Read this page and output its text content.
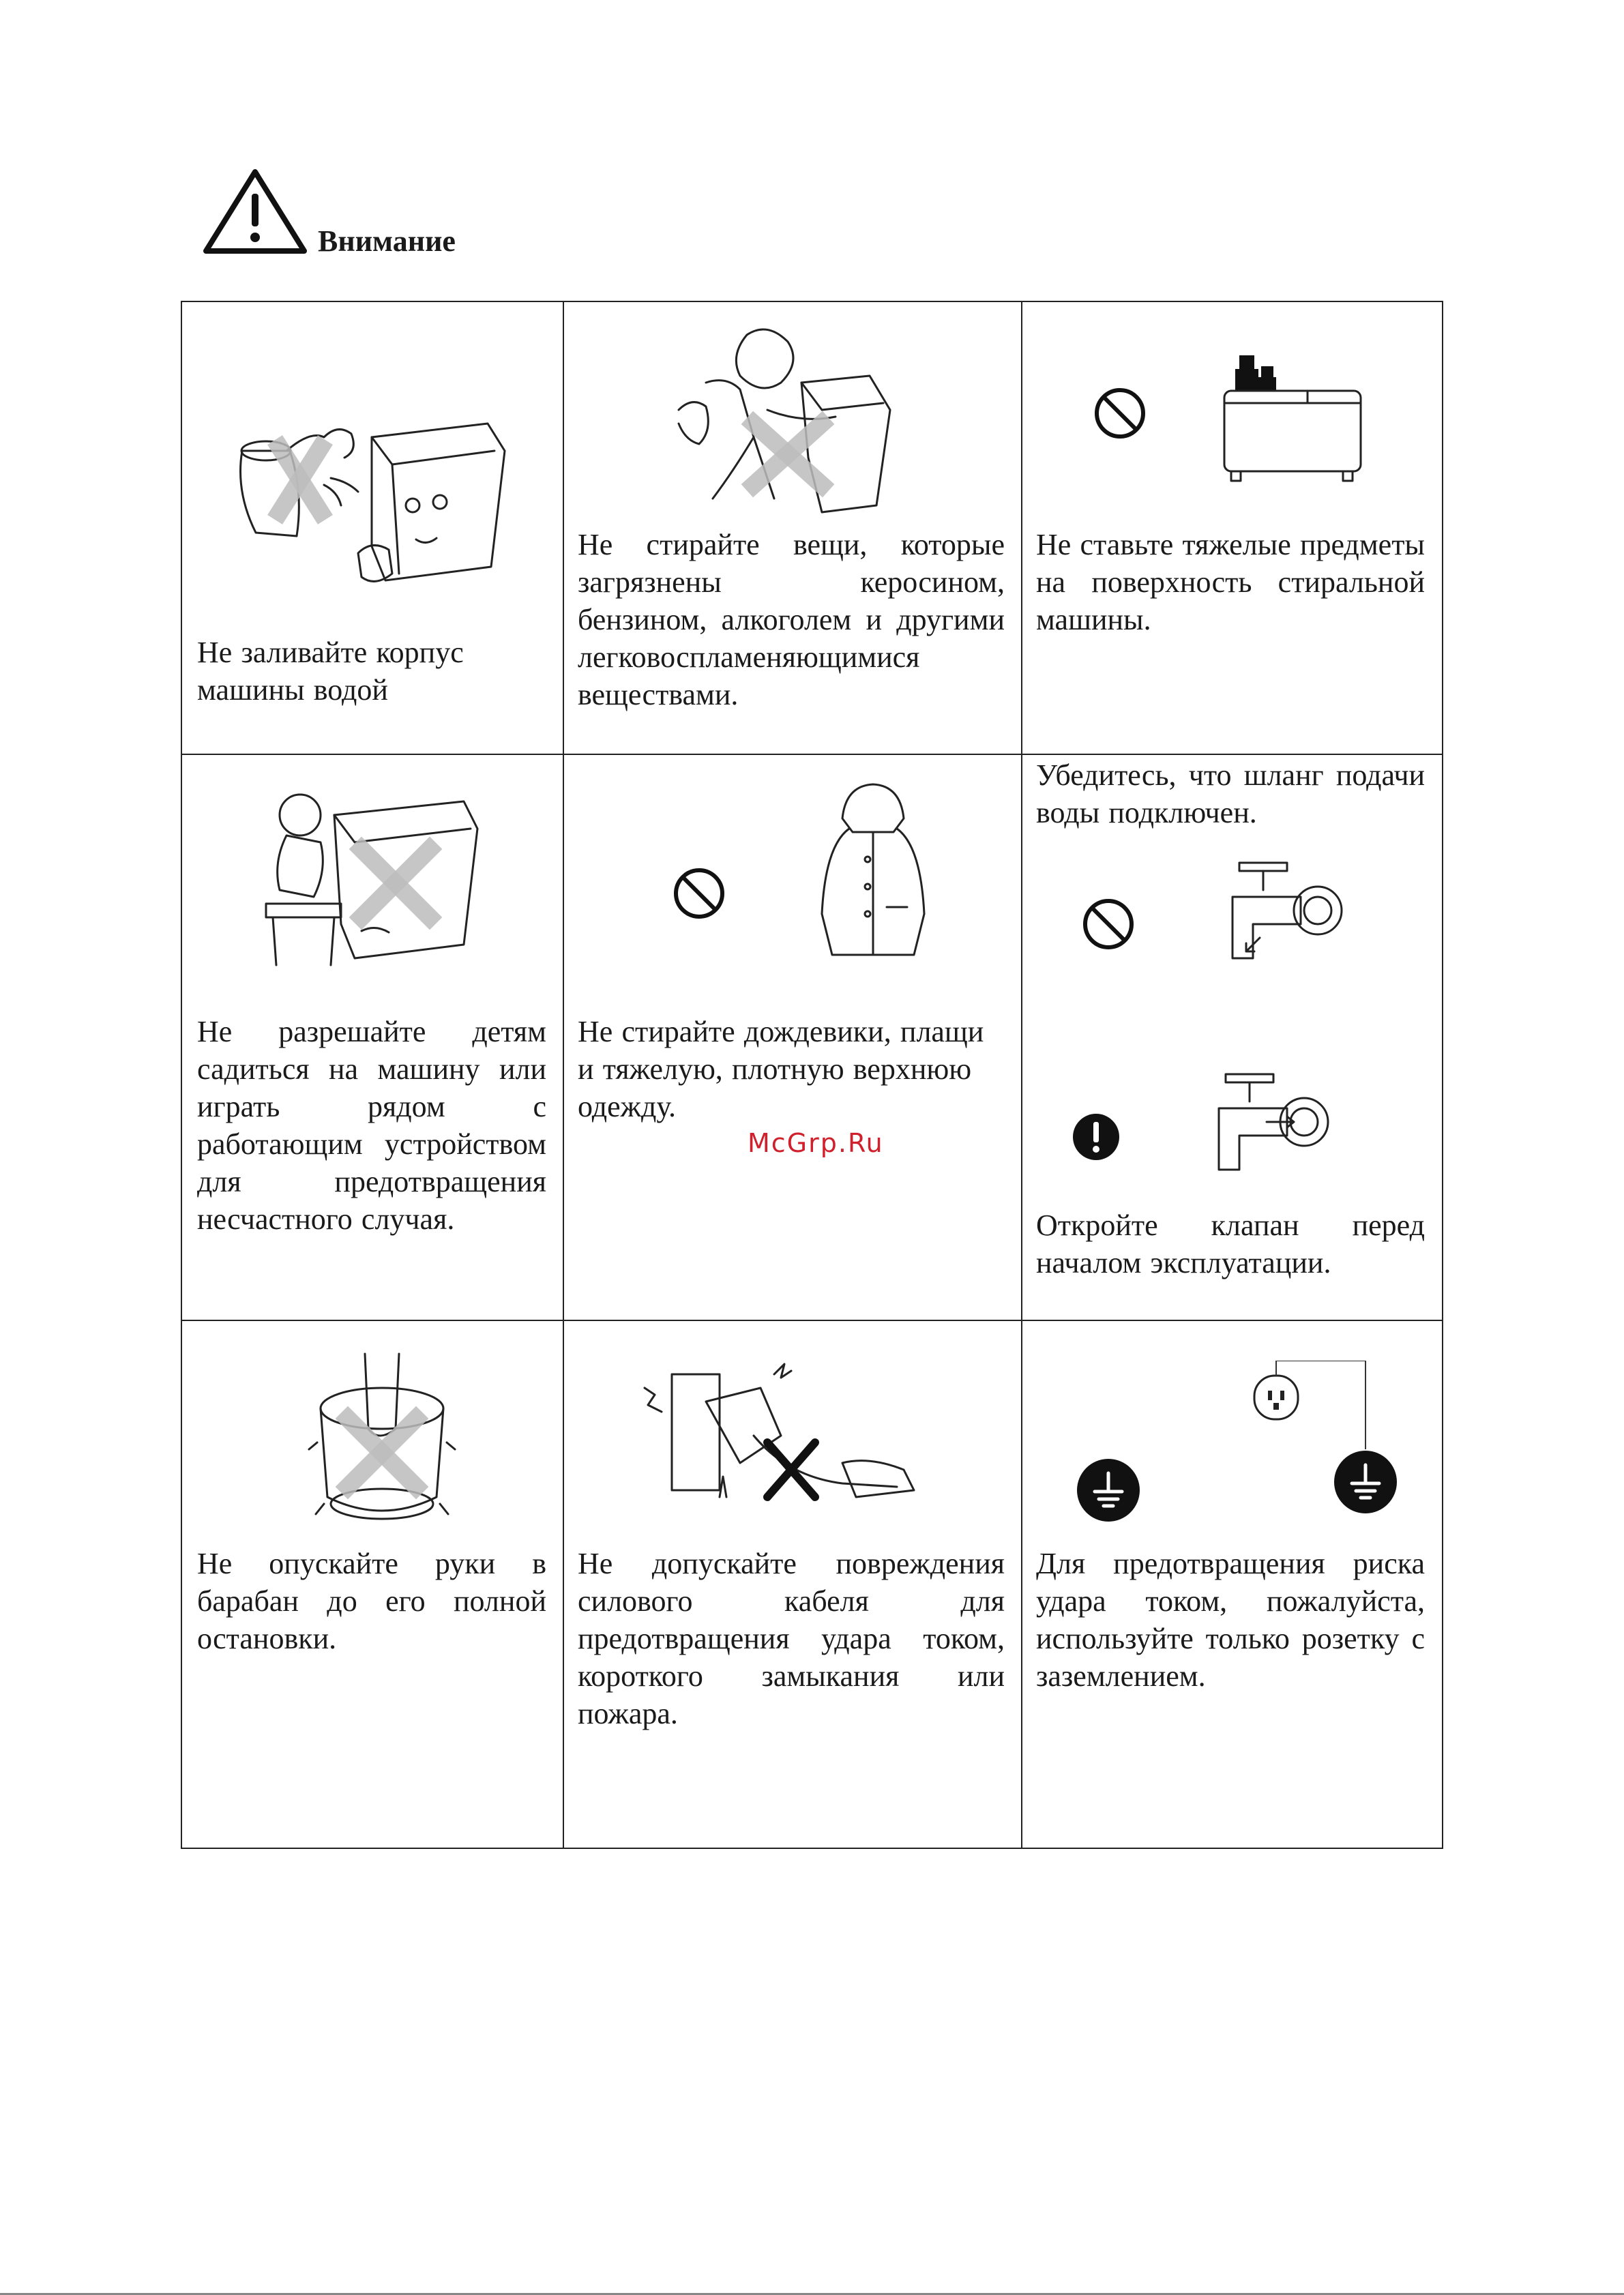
Внимание
Не заливайте корпус машины водой
Не стирайте вещи, которые загрязнены керосином, бензином, алкоголем и другими легковоспламеняющимися веществами.
Не ставьте тяжелые предметы на поверхность стиральной машины.
Не разрешайте детям садиться на машину или играть рядом с работающим устройством для предотвращения несчастного случая.
Не стирайте дождевики, плащи и тяжелую, плотную верхнюю одежду.
Убедитесь, что шланг подачи воды подключен.
Откройте клапан перед началом эксплуатации.
Не опускайте руки в барабан до его полной остановки.
Не допускайте повреждения силового кабеля для предотвращения удара током, короткого замыкания или пожара.
Для предотвращения риска удара током, пожалуйста, используйте только розетку с заземлением.
McGrp.Ru
